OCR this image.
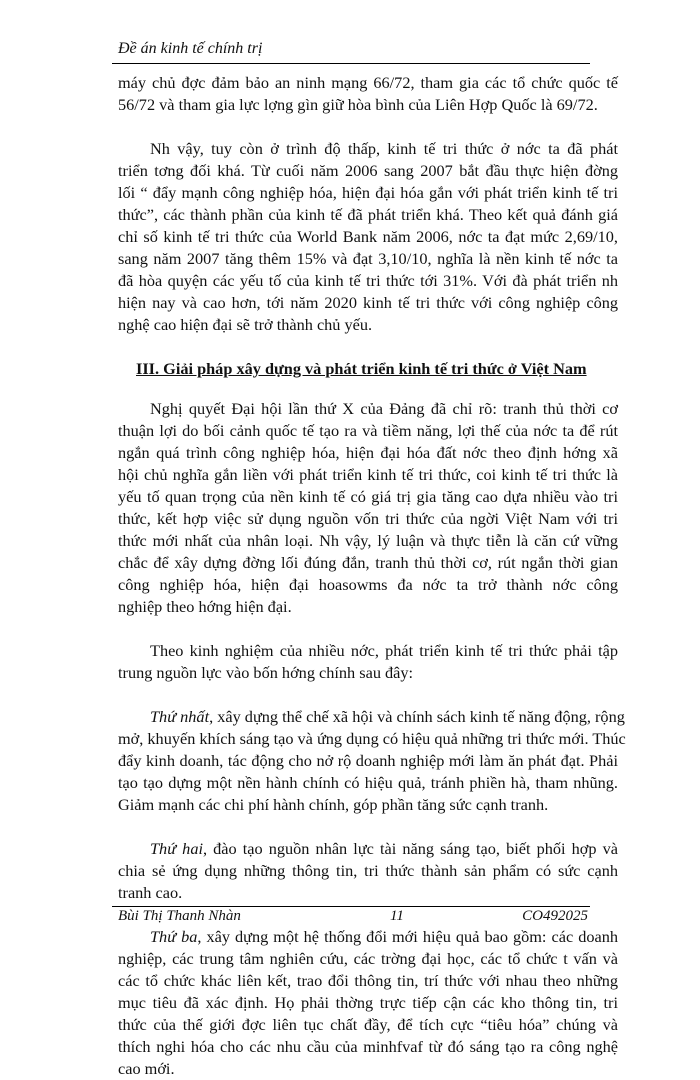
Đề án kinh tế chính trị

máy chủ đợc đảm bảo an ninh mạng 66/72, tham gia các tổ chức quốc tế
56/72 và tham gia lực lợng gìn giữ hòa bình của Liên Hợp Quốc là 69/72.

Nh vậy, tuy còn ở trình độ thấp, kinh tế tri thức ở nớc ta đã phát
triển tơng đối khá. Từ cuối năm 2006 sang 2007 bắt đầu thực hiện đờng
lối “ đẩy mạnh công nghiệp hóa, hiện đại hóa gắn với phát triển kinh tế tri
thức”, các thành phần của kinh tế đã phát triển khá. Theo kết quả đánh giá
chỉ số kinh tế tri thức của World Bank năm 2006, nớc ta đạt mức 2,69/10,
sang năm 2007 tăng thêm 15% và đạt 3,10/10, nghĩa là nền kinh tế nớc ta
đã hòa quyện các yếu tố của kinh tế tri thức tới 31%. Với đà phát triển nh
hiện nay và cao hơn, tới năm 2020 kinh tế tri thức với công nghiệp công
nghệ cao hiện đại sẽ trở thành chủ yếu.

III. Giải pháp xây dựng và phát triển kinh tế tri thức ở Việt Nam

Nghị quyết Đại hội lần thứ X của Đảng đã chỉ rõ: tranh thủ thời cơ
thuận lợi do bối cảnh quốc tế tạo ra và tiềm năng, lợi thế của nớc ta để rút
ngắn quá trình công nghiệp hóa, hiện đại hóa đất nớc theo định hớng xã
hội chủ nghĩa gắn liền với phát triển kinh tế tri thức, coi kinh tế tri thức là
yếu tố quan trọng của nền kinh tế có giá trị gia tăng cao dựa nhiều vào tri
thức, kết hợp việc sử dụng nguồn vốn tri thức của ngời Việt Nam với tri
thức mới nhất của nhân loại. Nh vậy, lý luận và thực tiễn là căn cứ vững
chắc để xây dựng đờng lối đúng đắn, tranh thủ thời cơ, rút ngắn thời gian
công nghiệp hóa, hiện đại hoasowms đa nớc ta trở thành nớc công
nghiệp theo hớng hiện đại.

Theo kinh nghiệm của nhiều nớc, phát triển kinh tế tri thức phải tập
trung nguồn lực vào bốn hớng chính sau đây:

Thứ nhất, xây dựng thể chế xã hội và chính sách kinh tế năng động, rộng
mở, khuyến khích sáng tạo và ứng dụng có hiệu quả những tri thức mới. Thúc
đẩy kinh doanh, tác động cho nở rộ doanh nghiệp mới làm ăn phát đạt. Phải
tạo tạo dựng một nền hành chính có hiệu quả, tránh phiền hà, tham nhũng.
Giảm mạnh các chi phí hành chính, góp phần tăng sức cạnh tranh.

Thứ hai, đào tạo nguồn nhân lực tài năng sáng tạo, biết phối hợp và
chia sẻ ứng dụng những thông tin, tri thức thành sản phẩm có sức cạnh
tranh cao.

Thứ ba, xây dựng một hệ thống đổi mới hiệu quả bao gồm: các doanh
nghiệp, các trung tâm nghiên cứu, các trờng đại học, các tổ chức t vấn và
các tổ chức khác liên kết, trao đổi thông tin, trí thức với nhau theo những
mục tiêu đã xác định. Họ phải thờng trực tiếp cận các kho thông tin, tri
thức của thế giới đợc liên tục chất đầy, để tích cực “tiêu hóa” chúng và
thích nghi hóa cho các nhu cầu của minhfvaf từ đó sáng tạo ra công nghệ
cao mới.

Bùi Thị Thanh Nhàn	11	CO492025
